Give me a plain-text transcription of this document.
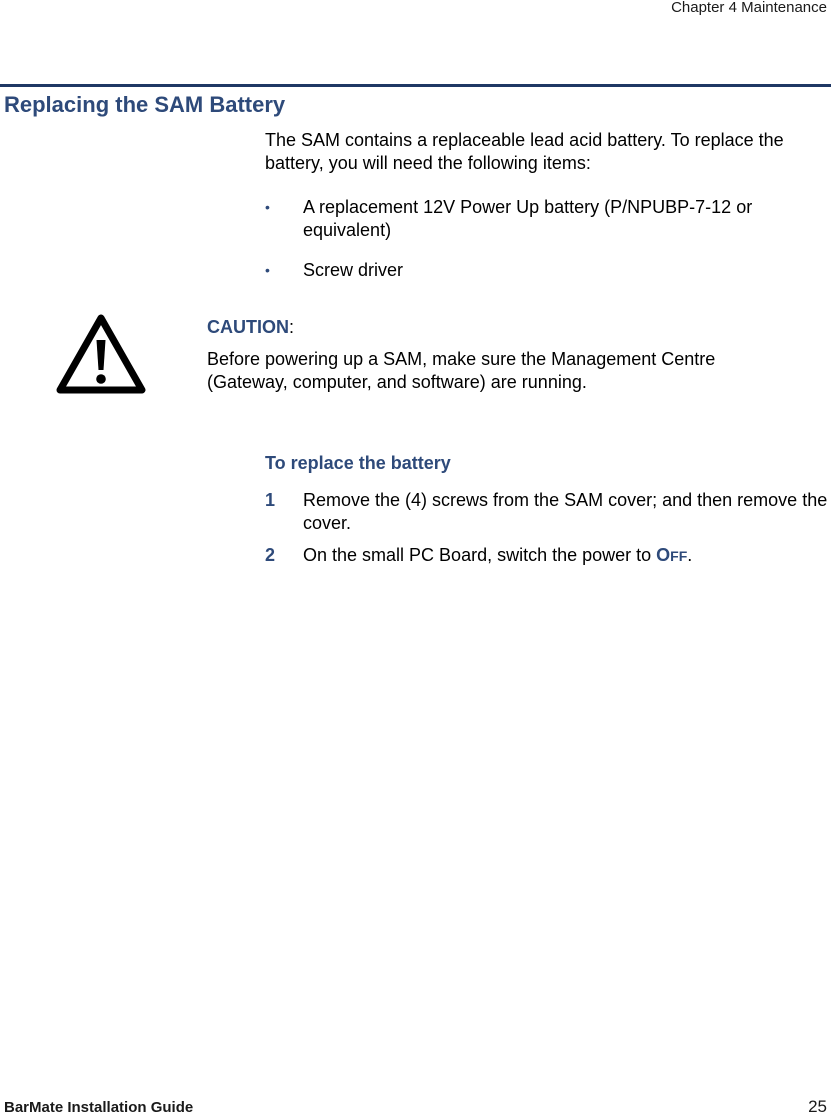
Chapter 4 Maintenance
Replacing the SAM Battery

The SAM contains a replaceable lead acid battery. To replace the battery, you will need the following items:

• A replacement 12V Power Up battery (P/NPUBP-7-12 or equivalent)
• Screw driver
CAUTION:

Before powering up a SAM, make sure the Management Centre (Gateway, computer, and software) are running.

To replace the battery
1 Remove the (4) screws from the SAM cover; and then remove the cover.
2 On the small PC Board, switch the power to OFF.
BarMate Installation Guide	25
